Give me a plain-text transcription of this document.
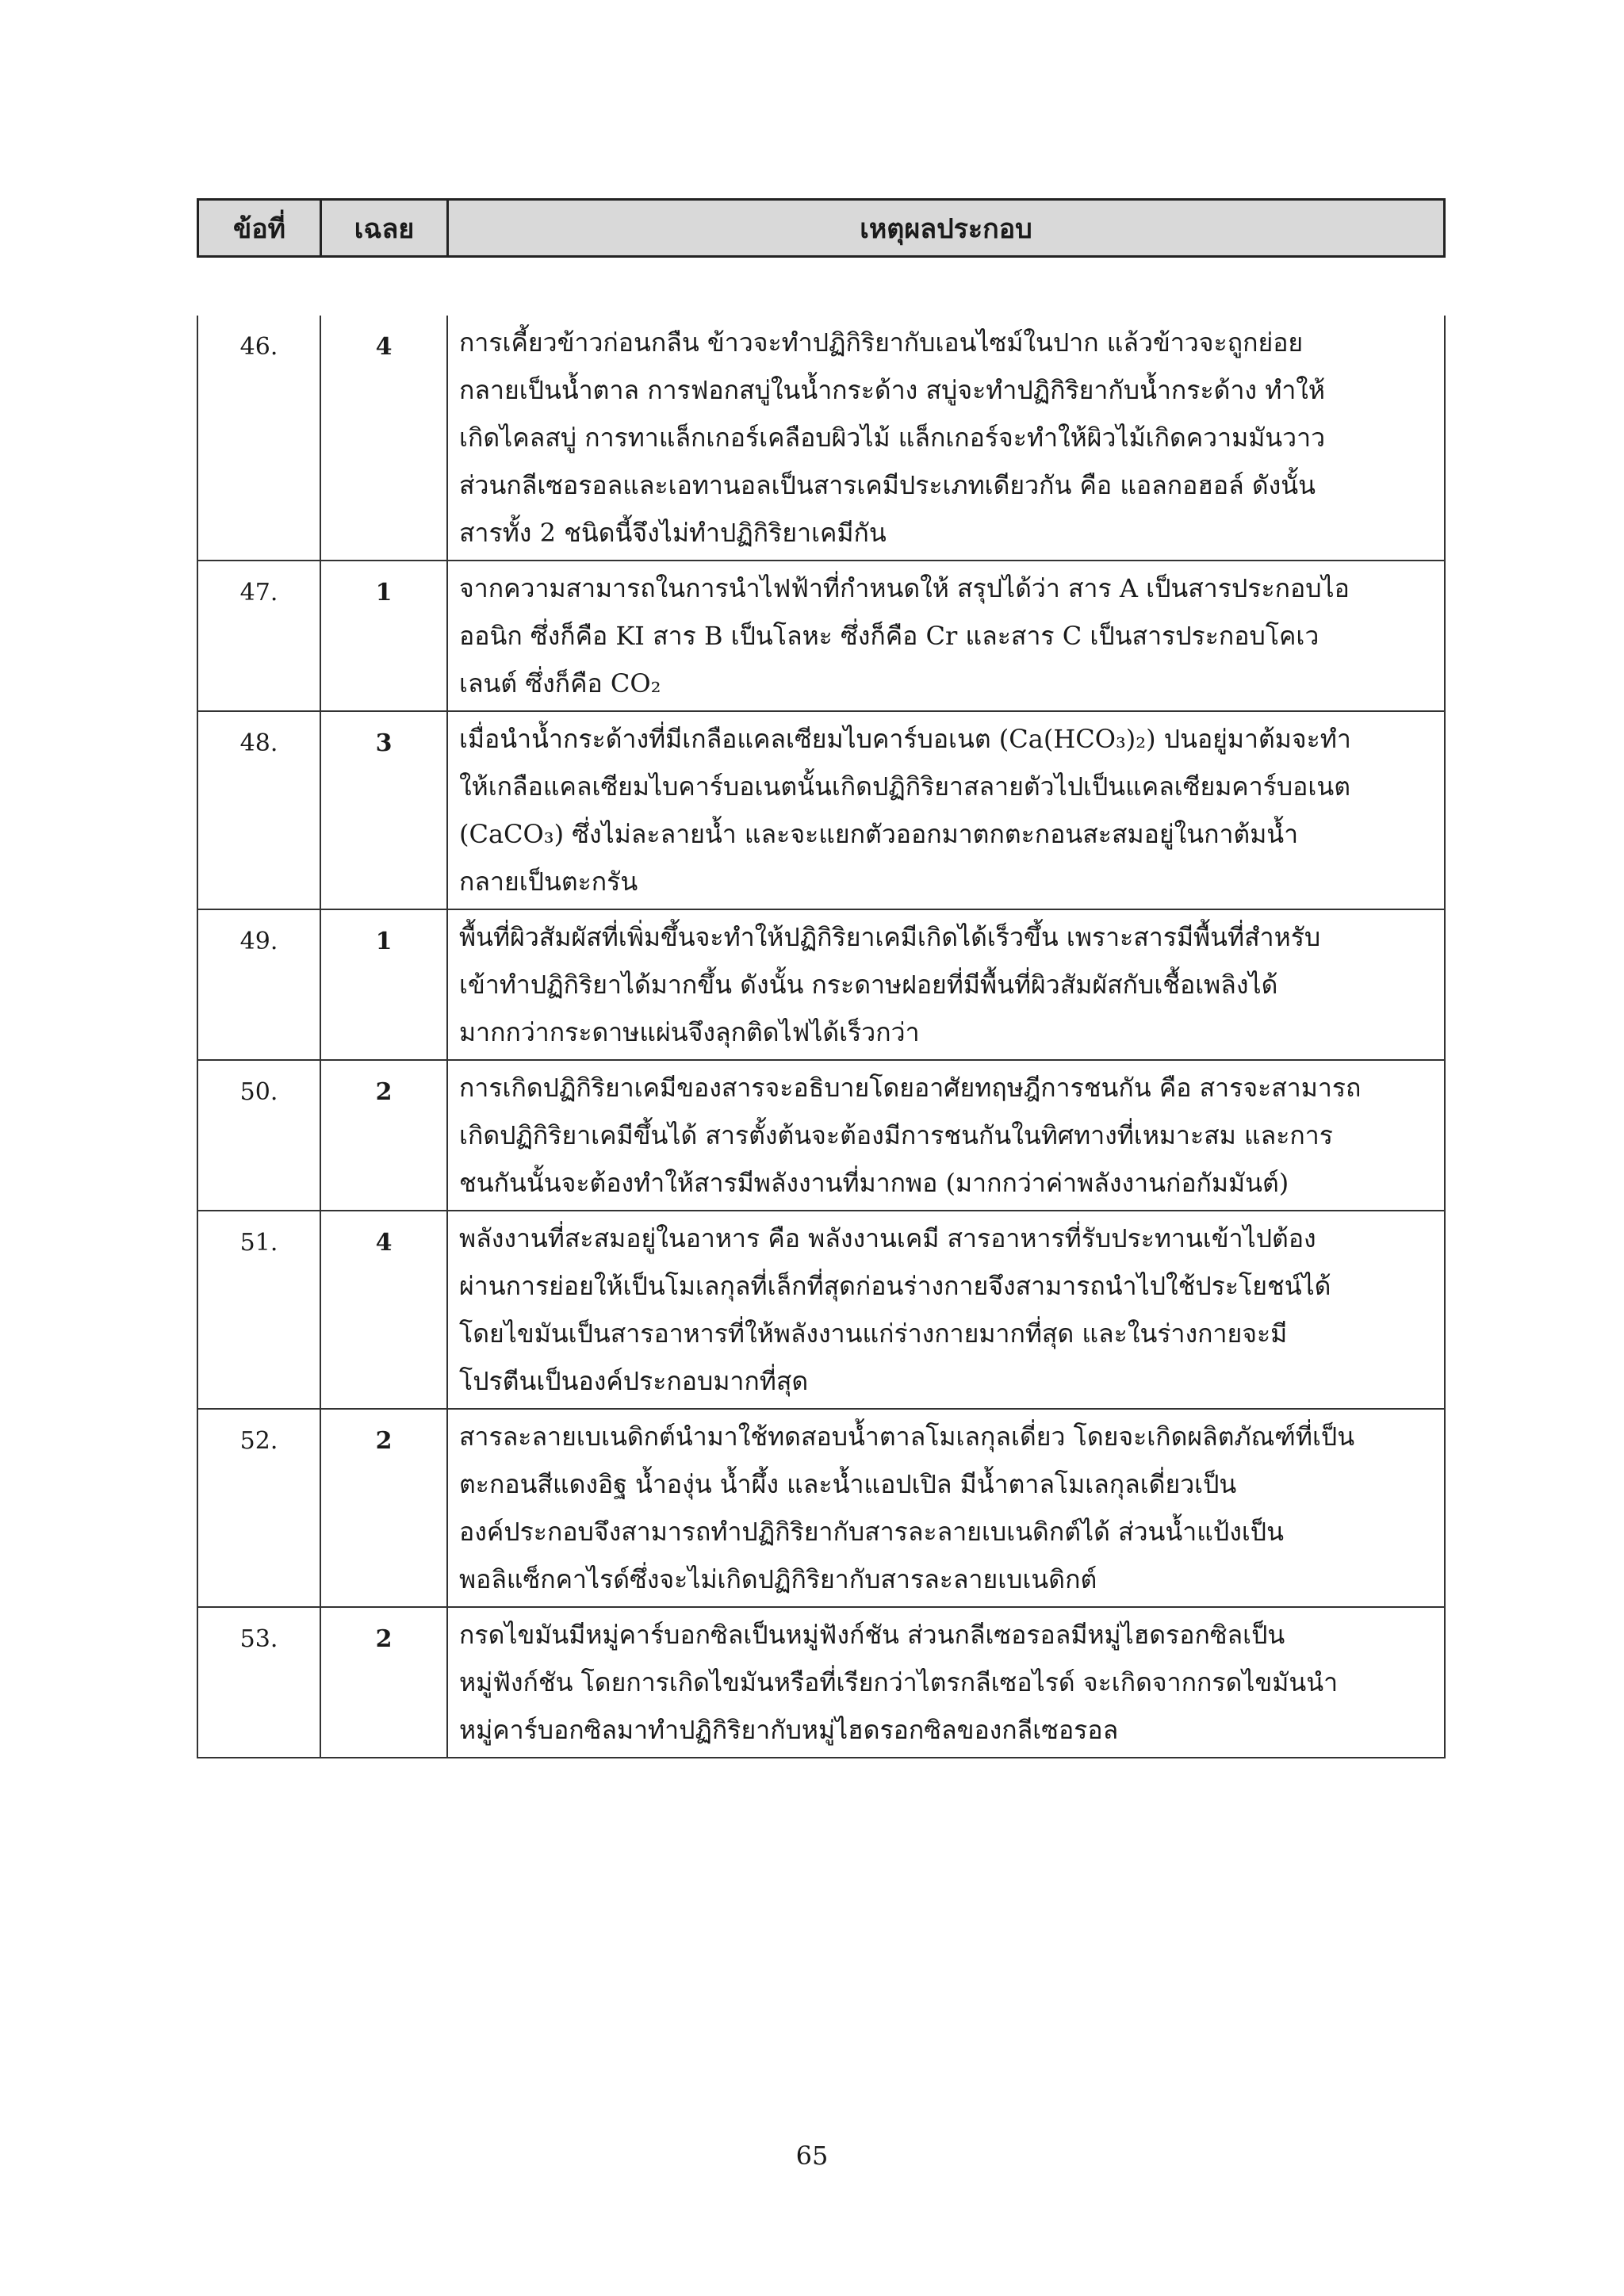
ข้อที่	เฉลย	เหตุผลประกอบ
46.	4	การเคี้ยวข้าวก่อนกลืน ข้าวจะทำปฏิกิริยากับเอนไซม์ในปาก แล้วข้าวจะถูกย่อย
กลายเป็นน้ำตาล การฟอกสบู่ในน้ำกระด้าง สบู่จะทำปฏิกิริยากับน้ำกระด้าง ทำให้
เกิดไคลสบู่ การทาแล็กเกอร์เคลือบผิวไม้ แล็กเกอร์จะทำให้ผิวไม้เกิดความมันวาว
ส่วนกลีเซอรอลและเอทานอลเป็นสารเคมีประเภทเดียวกัน คือ แอลกอฮอล์ ดังนั้น
สารทั้ง 2 ชนิดนี้จึงไม่ทำปฏิกิริยาเคมีกัน
47.	1	จากความสามารถในการนำไฟฟ้าที่กำหนดให้ สรุปได้ว่า สาร A เป็นสารประกอบไอ
ออนิก ซึ่งก็คือ KI สาร B เป็นโลหะ ซึ่งก็คือ Cr และสาร C เป็นสารประกอบโคเว
เลนต์ ซึ่งก็คือ CO₂
48.	3	เมื่อนำน้ำกระด้างที่มีเกลือแคลเซียมไบคาร์บอเนต (Ca(HCO₃)₂) ปนอยู่มาต้มจะทำ
ให้เกลือแคลเซียมไบคาร์บอเนตนั้นเกิดปฏิกิริยาสลายตัวไปเป็นแคลเซียมคาร์บอเนต
(CaCO₃) ซึ่งไม่ละลายน้ำ และจะแยกตัวออกมาตกตะกอนสะสมอยู่ในกาต้มน้ำ
กลายเป็นตะกรัน
49.	1	พื้นที่ผิวสัมผัสที่เพิ่มขึ้นจะทำให้ปฏิกิริยาเคมีเกิดได้เร็วขึ้น เพราะสารมีพื้นที่สำหรับ
เข้าทำปฏิกิริยาได้มากขึ้น ดังนั้น กระดาษฝอยที่มีพื้นที่ผิวสัมผัสกับเชื้อเพลิงได้
มากกว่ากระดาษแผ่นจึงลุกติดไฟได้เร็วกว่า
50.	2	การเกิดปฏิกิริยาเคมีของสารจะอธิบายโดยอาศัยทฤษฎีการชนกัน คือ สารจะสามารถ
เกิดปฏิกิริยาเคมีขึ้นได้ สารตั้งต้นจะต้องมีการชนกันในทิศทางที่เหมาะสม และการ
ชนกันนั้นจะต้องทำให้สารมีพลังงานที่มากพอ (มากกว่าค่าพลังงานก่อกัมมันต์)
51.	4	พลังงานที่สะสมอยู่ในอาหาร คือ พลังงานเคมี สารอาหารที่รับประทานเข้าไปต้อง
ผ่านการย่อยให้เป็นโมเลกุลที่เล็กที่สุดก่อนร่างกายจึงสามารถนำไปใช้ประโยชน์ได้
โดยไขมันเป็นสารอาหารที่ให้พลังงานแก่ร่างกายมากที่สุด และในร่างกายจะมี
โปรตีนเป็นองค์ประกอบมากที่สุด
52.	2	สารละลายเบเนดิกต์นำมาใช้ทดสอบน้ำตาลโมเลกุลเดี่ยว โดยจะเกิดผลิตภัณฑ์ที่เป็น
ตะกอนสีแดงอิฐ น้ำองุ่น น้ำผึ้ง และน้ำแอปเปิล มีน้ำตาลโมเลกุลเดี่ยวเป็น
องค์ประกอบจึงสามารถทำปฏิกิริยากับสารละลายเบเนดิกต์ได้ ส่วนน้ำแป้งเป็น
พอลิแซ็กคาไรด์ซึ่งจะไม่เกิดปฏิกิริยากับสารละลายเบเนดิกต์
53.	2	กรดไขมันมีหมู่คาร์บอกซิลเป็นหมู่ฟังก์ชัน ส่วนกลีเซอรอลมีหมู่ไฮดรอกซิลเป็น
หมู่ฟังก์ชัน โดยการเกิดไขมันหรือที่เรียกว่าไตรกลีเซอไรด์ จะเกิดจากกรดไขมันนำ
หมู่คาร์บอกซิลมาทำปฏิกิริยากับหมู่ไฮดรอกซิลของกลีเซอรอล
65
